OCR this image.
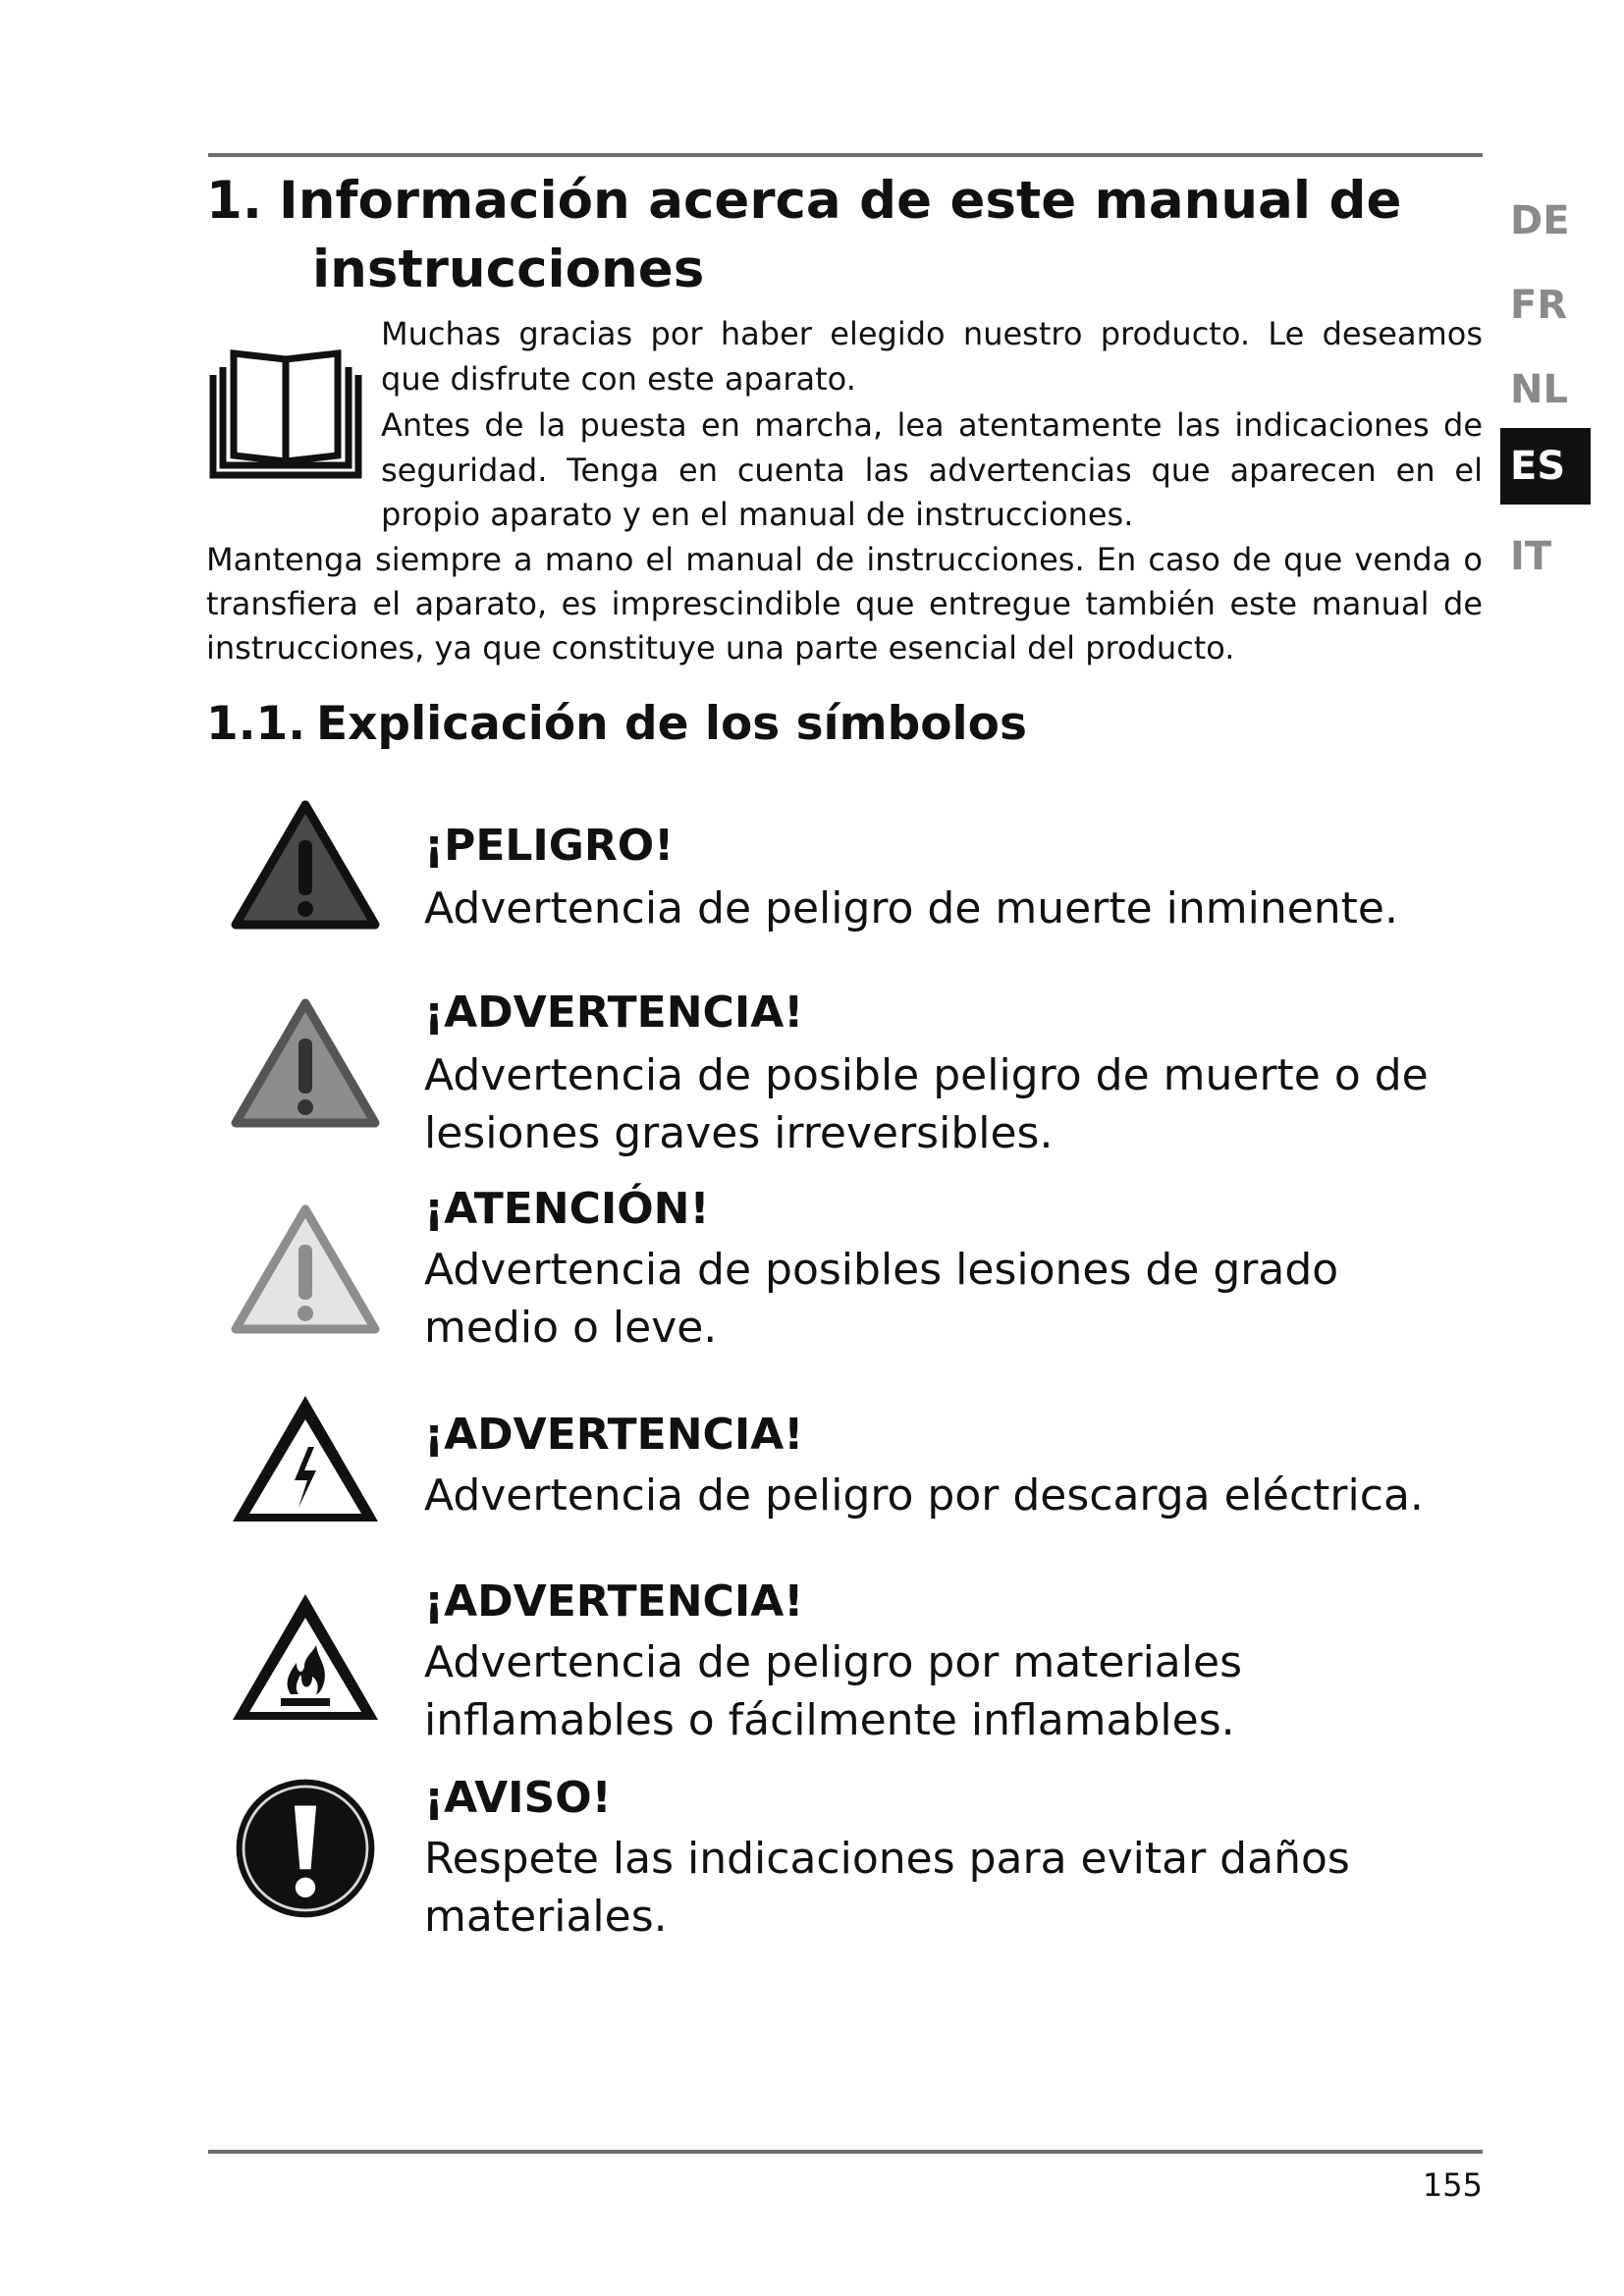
1. Información acerca de este manual de
instrucciones

Muchas gracias por haber elegido nuestro producto. Le deseamos que disfrute con este aparato.

Antes de la puesta en marcha, lea atentamente las indicaciones de seguridad. Tenga en cuenta las advertencias que aparecen en el propio aparato y en el manual de instrucciones.

Mantenga siempre a mano el manual de instrucciones. En caso de que venda o transfiera el aparato, es imprescindible que entregue también este manual de instrucciones, ya que constituye una parte esencial del producto.

1.1. Explicación de los símbolos
DE
FR
NL
ES
IT
¡PELIGRO!
Advertencia de peligro de muerte inminente.
¡ADVERTENCIA!
Advertencia de posible peligro de muerte o de lesiones graves irreversibles.
¡ATENCIÓN!
Advertencia de posibles lesiones de grado medio o leve.
¡ADVERTENCIA!
Advertencia de peligro por descarga eléctrica.
¡ADVERTENCIA!
Advertencia de peligro por materiales inflamables o fácilmente inflamables.
¡AVISO!
Respete las indicaciones para evitar daños materiales.
155
